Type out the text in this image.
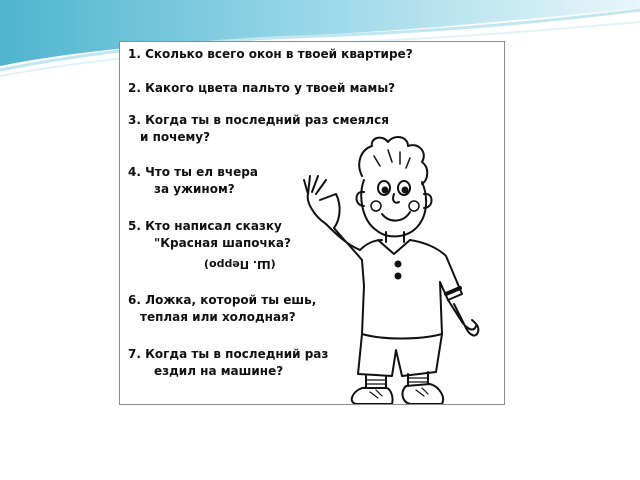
1. Сколько всего окон в твоей квартире?

2. Какого цвета пальто у твоей мамы?

3. Когда ты в последний раз смеялся
и почему?

4. Что ты ел вчера
за ужином?

5. Кто написал сказку
"Красная шапочка?

(Ш. Перро)

6. Ложка, которой ты ешь,
теплая или холодная?

7. Когда ты в последний раз
ездил на машине?
